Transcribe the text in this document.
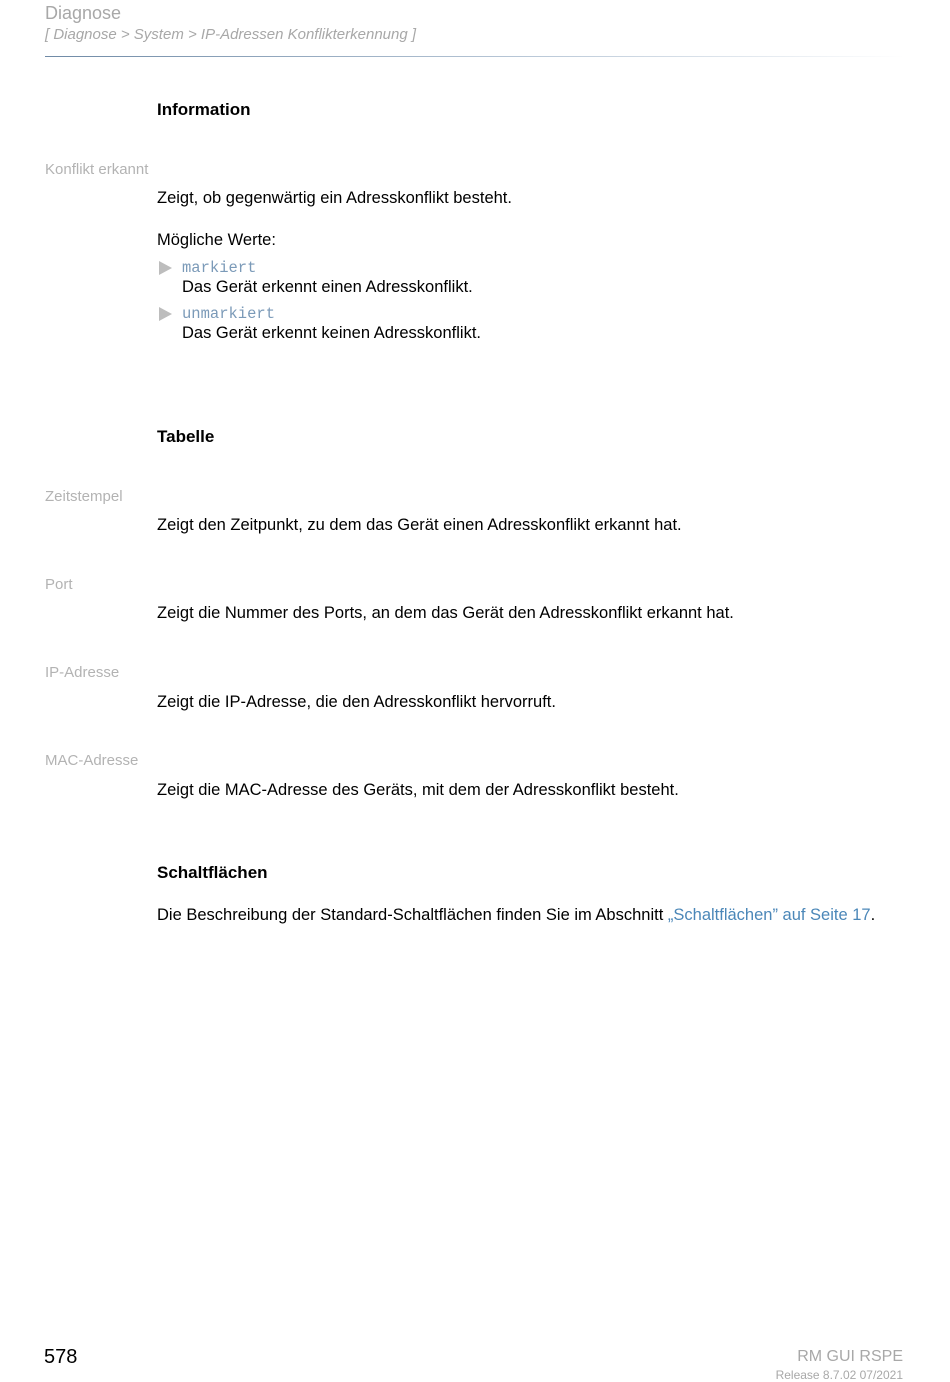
Diagnose
[ Diagnose > System > IP-Adressen Konflikterkennung ]
Information
Konflikt erkannt
Zeigt, ob gegenwärtig ein Adresskonflikt besteht.
Mögliche Werte:
markiert
Das Gerät erkennt einen Adresskonflikt.
unmarkiert
Das Gerät erkennt keinen Adresskonflikt.
Tabelle
Zeitstempel
Zeigt den Zeitpunkt, zu dem das Gerät einen Adresskonflikt erkannt hat.
Port
Zeigt die Nummer des Ports, an dem das Gerät den Adresskonflikt erkannt hat.
IP-Adresse
Zeigt die IP-Adresse, die den Adresskonflikt hervorruft.
MAC-Adresse
Zeigt die MAC-Adresse des Geräts, mit dem der Adresskonflikt besteht.
Schaltflächen
Die Beschreibung der Standard-Schaltflächen finden Sie im Abschnitt „Schaltflächen” auf Seite 17.
578	RM GUI RSPE
Release 8.7.02 07/2021
